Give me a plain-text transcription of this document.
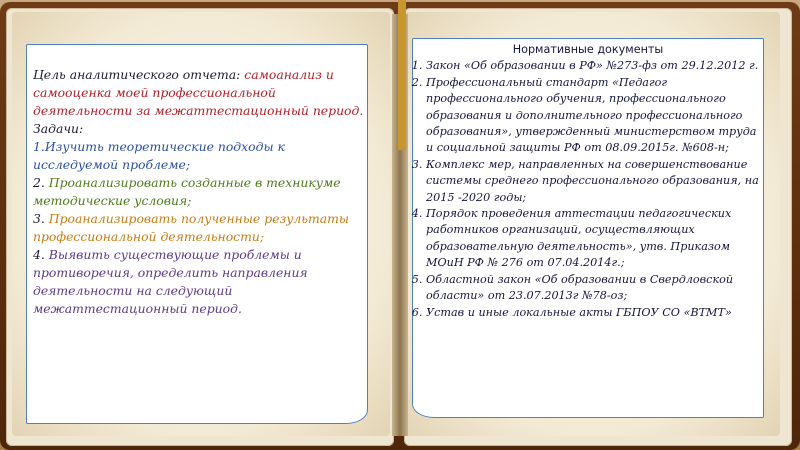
Цель аналитического отчета: самоанализ и самооценка моей профессиональной деятельности за межаттестационный период.
Задачи:
1.Изучить теоретические подходы к исследуемой проблеме;
2. Проанализировать созданные в техникуме методические условия;
3. Проанализировать полученные результаты профессиональной деятельности;
4. Выявить существующие проблемы и противоречия, определить направления деятельности на следующий межаттестационный период.
Нормативные документы
1. Закон «Об образовании в РФ» №273-фз от 29.12.2012 г.
2. Профессиональный стандарт «Педагог профессионального обучения, профессионального образования и дополнительного профессионального образования», утвержденный министерством труда и социальной защиты РФ от 08.09.2015г. №608-н;
3. Комплекс мер, направленных на совершенствование системы среднего профессионального образования, на 2015 -2020 годы;
4. Порядок проведения аттестации педагогических работников организаций, осуществляющих образовательную деятельность», утв. Приказом МОиН РФ № 276 от 07.04.2014г.;
5. Областной закон «Об образовании в Свердловской области» от 23.07.2013г №78-оз;
6. Устав и иные локальные акты ГБПОУ СО «ВТМТ»
